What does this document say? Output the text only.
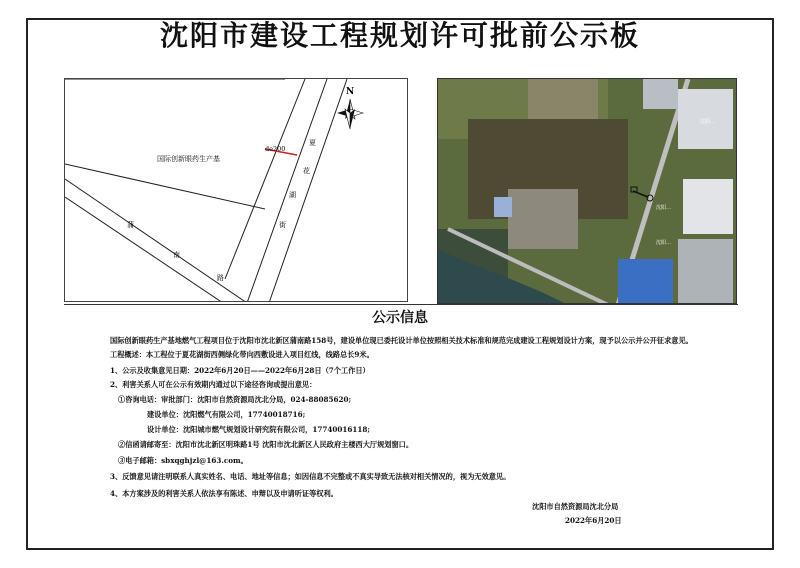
沈阳市建设工程规划许可批前公示板
de200
国际创新眼药生产基
蒲
南
路
夏
花
湖
街
N
沈阳…
沈阳…
沈阳…
公示信息
国际创新眼药生产基地燃气工程项目位于沈阳市沈北新区蒲南路158号，建设单位现已委托设计单位按照相关技术标准和规范完成建设工程规划设计方案，现予以公示并公开征求意见。
工程概述：本工程位于夏花湖街西侧绿化带向西敷设进入项目红线，线路总长9米。
1、公示及收集意见日期：2022年6月20日——2022年6月28日（7个工作日）
2、利害关系人可在公示有效期内通过以下途径咨询或提出意见：
①咨询电话：审批部门：沈阳市自然资源局沈北分局，024-88085620;
建设单位：沈阳燃气有限公司，17740018716;
设计单位：沈阳城市燃气规划设计研究院有限公司，17740016118;
②信函请邮寄至：沈阳市沈北新区明珠路1号 沈阳市沈北新区人民政府主楼西大厅规划窗口。
③电子邮箱：sbxqghjzl@163.com。
3、反馈意见请注明联系人真实姓名、电话、地址等信息；如因信息不完整或不真实导致无法核对相关情况的，视为无效意见。
4、本方案涉及的利害关系人依法享有陈述、申辩以及申请听证等权利。
沈阳市自然资源局沈北分局
2022年6月20日
